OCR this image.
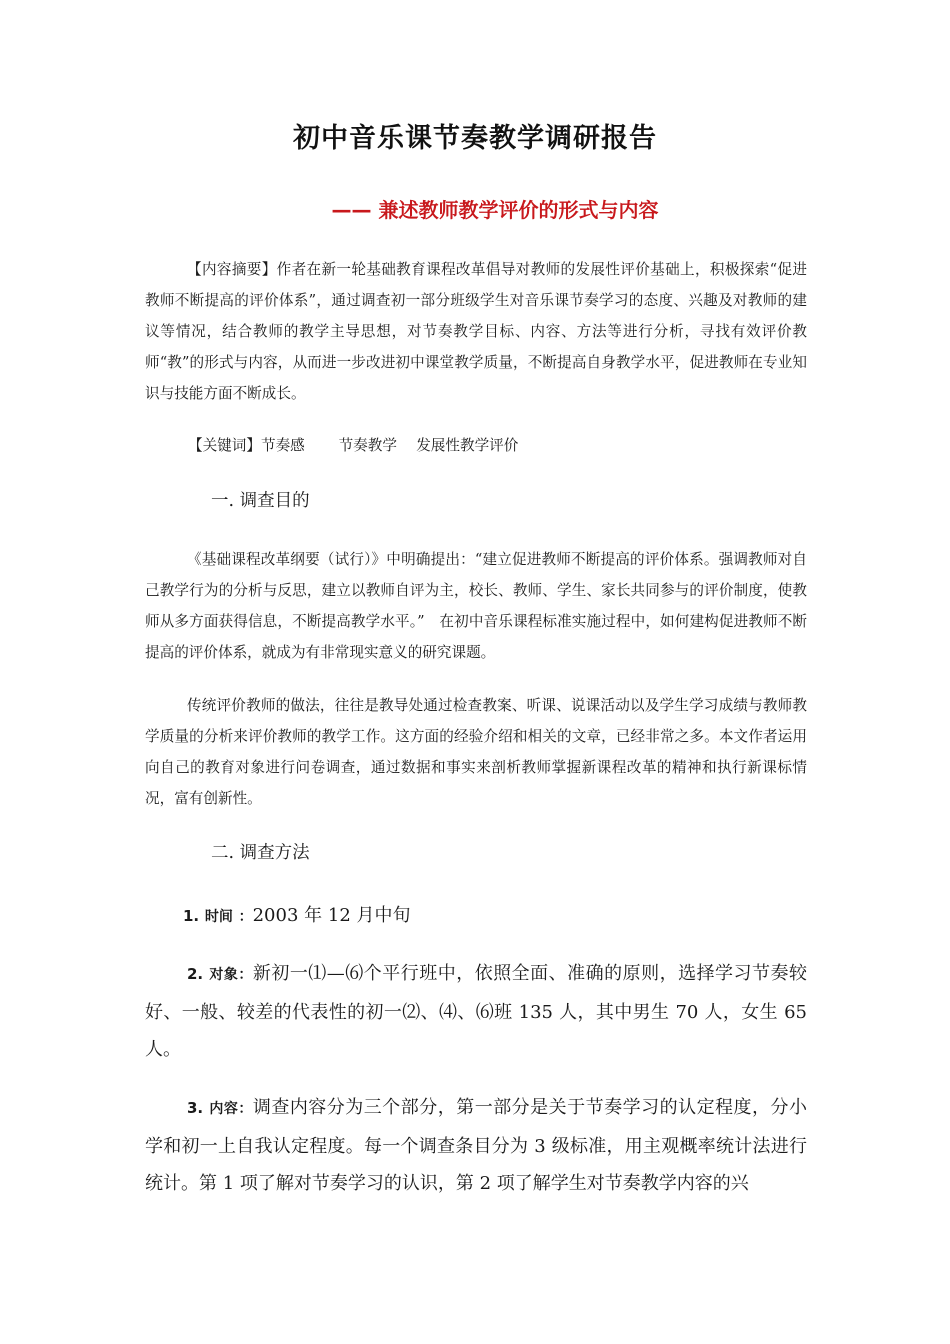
初中音乐课节奏教学调研报告
—— 兼述教师教学评价的形式与内容
【内容摘要】作者在新一轮基础教育课程改革倡导对教师的发展性评价基础上，积极探索“促进教师不断提高的评价体系”，通过调查初一部分班级学生对音乐课节奏学习的态度、兴趣及对教师的建议等情况，结合教师的教学主导思想，对节奏教学目标、内容、方法等进行分析，寻找有效评价教师“教”的形式与内容，从而进一步改进初中课堂教学质量，不断提高自身教学水平，促进教师在专业知识与技能方面不断成长。
【关键词】节奏感　　 节奏教学　 发展性教学评价
一. 调查目的
《基础课程改革纲要（试行）》中明确提出：“建立促进教师不断提高的评价体系。强调教师对自己教学行为的分析与反思，建立以教师自评为主，校长、教师、学生、家长共同参与的评价制度，使教师从多方面获得信息，不断提高教学水平。”　在初中音乐课程标准实施过程中，如何建构促进教师不断提高的评价体系，就成为有非常现实意义的研究课题。
传统评价教师的做法，往往是教导处通过检查教案、听课、说课活动以及学生学习成绩与教师教学质量的分析来评价教师的教学工作。这方面的经验介绍和相关的文章，已经非常之多。本文作者运用向自己的教育对象进行问卷调查，通过数据和事实来剖析教师掌握新课程改革的精神和执行新课标情况，富有创新性。
二. 调查方法
1. 时间 ：2003 年 12 月中旬
2. 对象：新初一⑴—⑹个平行班中，依照全面、准确的原则，选择学习节奏较好、一般、较差的代表性的初一⑵、⑷、⑹班 135 人，其中男生 70 人，女生 65 人。
3. 内容：调查内容分为三个部分，第一部分是关于节奏学习的认定程度，分小学和初一上自我认定程度。每一个调查条目分为 3 级标准，用主观概率统计法进行统计。第 1 项了解对节奏学习的认识，第 2 项了解学生对节奏教学内容的兴
